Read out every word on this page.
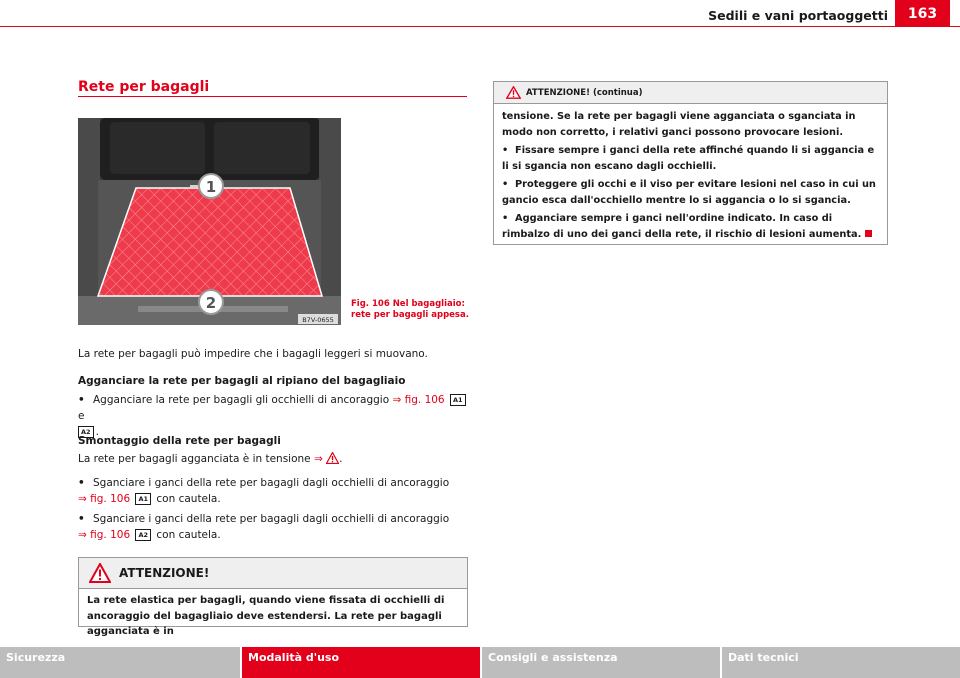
Sedili e vani portaoggetti	163
Rete per bagagli
1
2
B7V-0655
Fig. 106 Nel bagagliaio:
rete per bagagli appesa.
La rete per bagagli può impedire che i bagagli leggeri si muovano.
Agganciare la rete per bagagli al ripiano del bagagliaio
• Agganciare la rete per bagagli gli occhielli di ancoraggio ⇒ fig. 106 A1 e
A2 .
Smontaggio della rete per bagagli
La rete per bagagli agganciata è in tensione ⇒ .
• Sganciare i ganci della rete per bagagli dagli occhielli di ancoraggio
⇒ fig. 106 A1 con cautela.
• Sganciare i ganci della rete per bagagli dagli occhielli di ancoraggio
⇒ fig. 106 A2 con cautela.
ATTENZIONE!
La rete elastica per bagagli, quando viene fissata di occhielli di ancoraggio del bagagliaio deve estendersi. La rete per bagagli agganciata è in
ATTENZIONE! (continua)

tensione. Se la rete per bagagli viene agganciata o sganciata in modo non corretto, i relativi ganci possono provocare lesioni.

• Fissare sempre i ganci della rete affinché quando li si aggancia e li si sgancia non escano dagli occhielli.

• Proteggere gli occhi e il viso per evitare lesioni nel caso in cui un gancio esca dall'occhiello mentre lo si aggancia o lo si sgancia.

• Agganciare sempre i ganci nell'ordine indicato. In caso di rimbalzo di uno dei ganci della rete, il rischio di lesioni aumenta.

Sicurezza	Modalità d'uso	Consigli e assistenza	Dati tecnici
